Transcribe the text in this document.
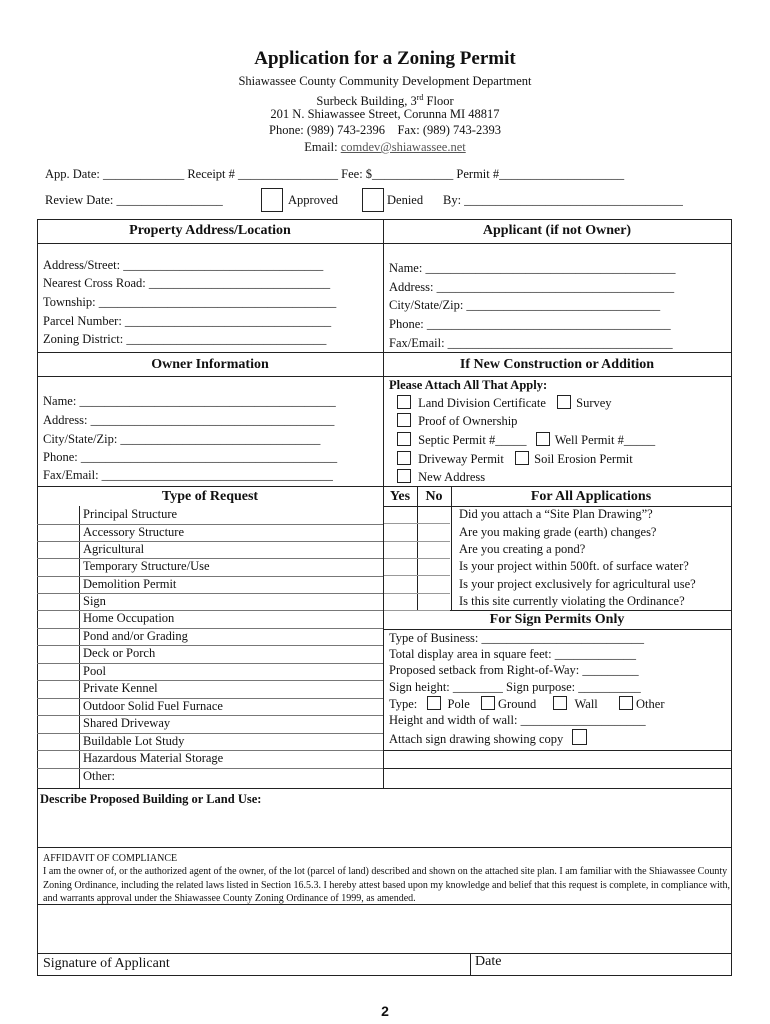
Application for a Zoning Permit
Shiawassee County Community Development Department
Surbeck Building, 3rd Floor
201 N. Shiawassee Street, Corunna MI 48817
Phone: (989) 743-2396    Fax: (989) 743-2393
Email: comdev@shiawassee.net
App. Date: _____________ Receipt # ________________ Fee: $_____________ Permit #____________________
Review Date: _________________	Approved	Denied By: ___________________________________
Property Address/Location
Address/Street: ________________________________
Nearest Cross Road: _____________________________
Township: ______________________________________
Parcel Number: _________________________________
Zoning District: ________________________________
Applicant (if not Owner)
Name: ________________________________________
Address: ______________________________________
City/State/Zip: _______________________________
Phone: _______________________________________
Fax/Email: ____________________________________
Owner Information
Name: _________________________________________
Address: _______________________________________
City/State/Zip: ________________________________
Phone: _________________________________________
Fax/Email: _____________________________________
If New Construction or Addition
Please Attach All That Apply:
Land Division Certificate Survey
Proof of Ownership
Septic Permit #_____ Well Permit #_____
Driveway Permit Soil Erosion Permit
New Address
Type of Request
Principal Structure
Accessory Structure
Agricultural
Temporary Structure/Use
Demolition Permit
Sign
Home Occupation
Pond and/or Grading
Deck or Porch
Pool
Private Kennel
Outdoor Solid Fuel Furnace
Shared Driveway
Buildable Lot Study
Hazardous Material Storage
Other:
Yes	No	For All Applications
Did you attach a “Site Plan Drawing”?
Are you making grade (earth) changes?
Are you creating a pond?
Is your project within 500ft. of surface water?
Is your project exclusively for agricultural use?
Is this site currently violating the Ordinance?
For Sign Permits Only
Type of Business: __________________________
Total display area in square feet: _____________
Proposed setback from Right-of-Way: _________
Sign height: ________ Sign purpose: __________
Type: Pole Ground	Wall	Other
Height and width of wall: ____________________
Attach sign drawing showing copy
Describe Proposed Building or Land Use:
AFFIDAVIT OF COMPLIANCE
I am the owner of, or the authorized agent of the owner, of the lot (parcel of land) described and shown on the attached site plan. I am familiar with the Shiawassee County Zoning Ordinance, including the related laws listed in Section 16.5.3. I hereby attest based upon my knowledge and belief that this request is complete, in compliance with, and warrants approval under the Shiawassee County Zoning Ordinance of 1999, as amended.
Signature of Applicant	Date
2
